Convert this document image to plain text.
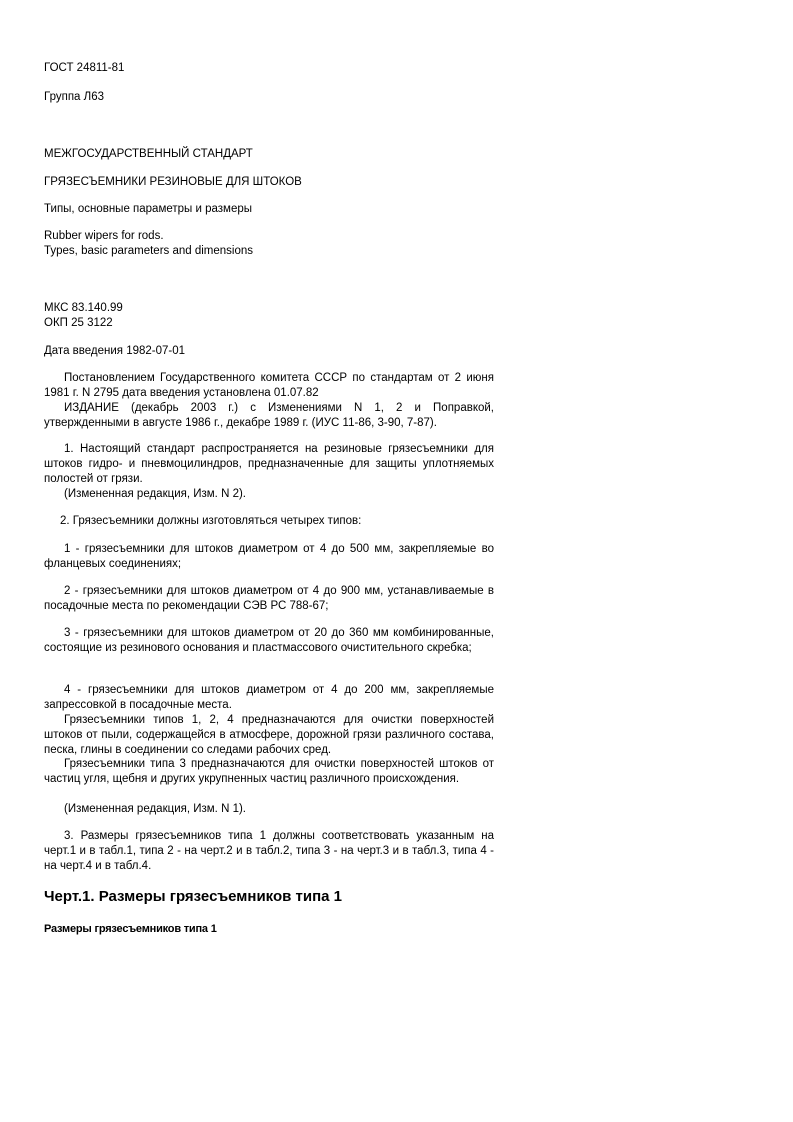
ГОСТ 24811-81
Группа Л63
МЕЖГОСУДАРСТВЕННЫЙ СТАНДАРТ
ГРЯЗЕСЪЕМНИКИ РЕЗИНОВЫЕ ДЛЯ ШТОКОВ
Типы, основные параметры и размеры
Rubber wipers for rods.
Types, basic parameters and dimensions
МКС 83.140.99
ОКП 25 3122
Дата введения 1982-07-01
Постановлением Государственного комитета СССР по стандартам от 2 июня 1981 г. N 2795 дата введения установлена 01.07.82
ИЗДАНИЕ (декабрь 2003 г.) с Изменениями N 1, 2 и Поправкой, утвержденными в августе 1986 г., декабре 1989 г. (ИУС 11-86, 3-90, 7-87).
1. Настоящий стандарт распространяется на резиновые грязесъемники для штоков гидро- и пневмоцилиндров, предназначенные для защиты уплотняемых полостей от грязи.
(Измененная редакция, Изм. N 2).
2. Грязесъемники должны изготовляться четырех типов:
1 - грязесъемники для штоков диаметром от 4 до 500 мм, закрепляемые во фланцевых соединениях;
2 - грязесъемники для штоков диаметром от 4 до 900 мм, устанавливаемые в посадочные места по рекомендации СЭВ РС 788-67;
3 - грязесъемники для штоков диаметром от 20 до 360 мм комбинированные, состоящие из резинового основания и пластмассового очистительного скребка;
4 - грязесъемники для штоков диаметром от 4 до 200 мм, закрепляемые запрессовкой в посадочные места.
Грязесъемники типов 1, 2, 4 предназначаются для очистки поверхностей штоков от пыли, содержащейся в атмосфере, дорожной грязи различного состава, песка, глины в соединении со следами рабочих сред.
Грязесъемники типа 3 предназначаются для очистки поверхностей штоков от частиц угля, щебня и других укрупненных частиц различного происхождения.
(Измененная редакция, Изм. N 1).
3. Размеры грязесъемников типа 1 должны соответствовать указанным на черт.1 и в табл.1, типа 2 - на черт.2 и в табл.2, типа 3 - на черт.3 и в табл.3, типа 4 - на черт.4 и в табл.4.
Черт.1. Размеры грязесъемников типа 1
Размеры грязесъемников типа 1
